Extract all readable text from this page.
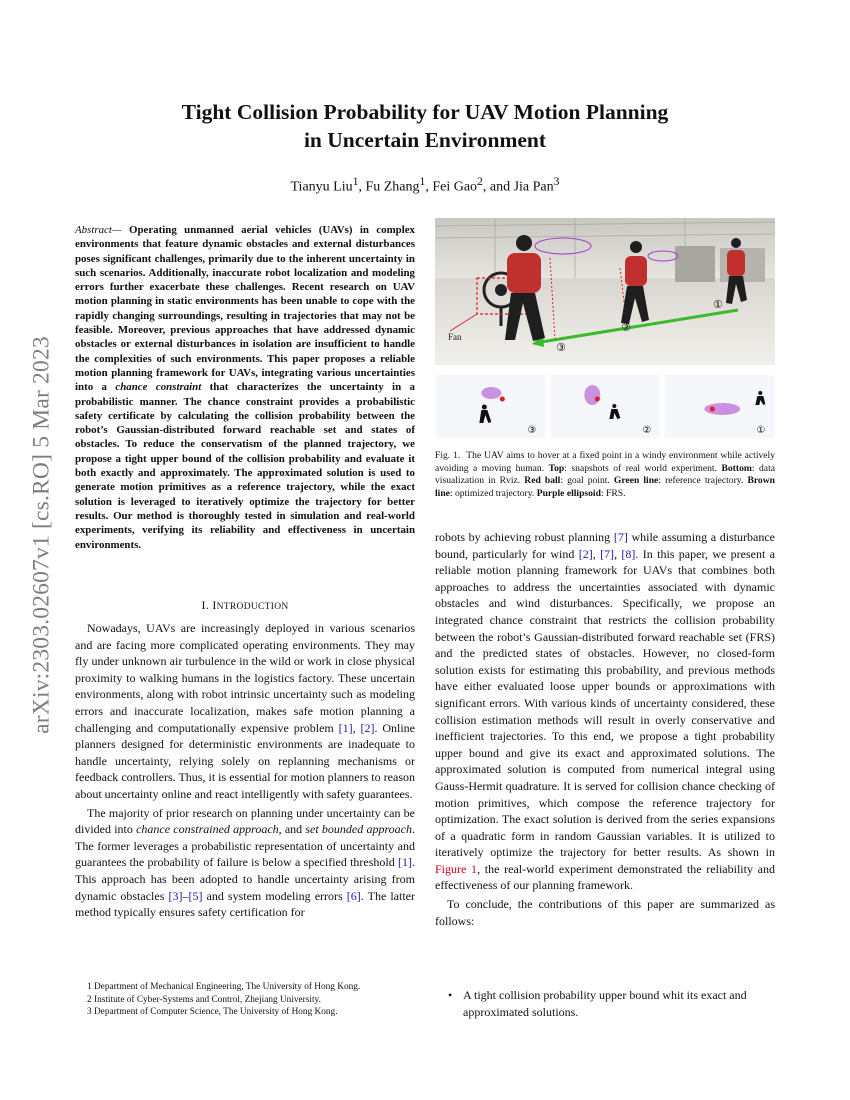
arXiv:2303.02607v1 [cs.RO] 5 Mar 2023
Tight Collision Probability for UAV Motion Planning
in Uncertain Environment
Tianyu Liu$^1$, Fu Zhang$^1$, Fei Gao$^2$, and Jia Pan$^3$
Abstract— Operating unmanned aerial vehicles (UAVs) in complex environments that feature dynamic obstacles and external disturbances poses significant challenges, primarily due to the inherent uncertainty in such scenarios. Additionally, inaccurate robot localization and modeling errors further exacerbate these challenges. Recent research on UAV motion planning in static environments has been unable to cope with the rapidly changing surroundings, resulting in trajectories that may not be feasible. Moreover, previous approaches that have addressed dynamic obstacles or external disturbances in isolation are insufficient to handle the complexities of such environments. This paper proposes a reliable motion planning framework for UAVs, integrating various uncertainties into a chance constraint that characterizes the uncertainty in a probabilistic manner. The chance constraint provides a probabilistic safety certificate by calculating the collision probability between the robot’s Gaussian-distributed forward reachable set and states of obstacles. To reduce the conservatism of the planned trajectory, we propose a tight upper bound of the collision probability and evaluate it both exactly and approximately. The approximated solution is used to generate motion primitives as a reference trajectory, while the exact solution is leveraged to iteratively optimize the trajectory for better results. Our method is thoroughly tested in simulation and real-world experiments, verifying its reliability and effectiveness in uncertain environments.
I. INTRODUCTION

Nowadays, UAVs are increasingly deployed in various scenarios and are facing more complicated operating environments. They may fly under unknown air turbulence in the wild or work in close physical proximity to walking humans in the logistics factory. These uncertain environments, along with robot intrinsic uncertainty such as modeling errors and inaccurate localization, makes safe motion planning a challenging and computationally expensive problem [1], [2]. Online planners designed for deterministic environments are inadequate to handle uncertainty, relying solely on replanning mechanisms or feedback controllers. Thus, it is essential for motion planners to reason about uncertainty online and react intelligently with safety guarantees.

The majority of prior research on planning under uncertainty can be divided into chance constrained approach, and set bounded approach. The former leverages a probabilistic representation of uncertainty and guarantees the probability of failure is below a specified threshold [1]. This approach has been adopted to handle uncertainty arising from dynamic obstacles [3]–[5] and system modeling errors [6]. The latter method typically ensures safety certification for

1 Department of Mechanical Engineering, The University of Hong Kong.
2 Institute of Cyber-Systems and Control, Zhejiang University.
3 Department of Computer Science, The University of Hong Kong.
Fan
③
②
①
③	②	①
Fig. 1. The UAV aims to hover at a fixed point in a windy environment while actively avoiding a moving human. Top: snapshots of real world experiment. Bottom: data visualization in Rviz. Red ball: goal point. Green line: reference trajectory. Brown line: optimized trajectory. Purple ellipsoid: FRS.

robots by achieving robust planning [7] while assuming a disturbance bound, particularly for wind [2], [7], [8]. In this paper, we present a reliable motion planning framework for UAVs that combines both approaches to address the uncertainties associated with dynamic obstacles and wind disturbances. Specifically, we propose an integrated chance constraint that restricts the collision probability between the robot’s Gaussian-distributed forward reachable set (FRS) and the predicted states of obstacles. However, no closed-form solution exists for estimating this probability, and previous methods have either evaluated loose upper bounds or approximations with significant errors. With various kinds of uncertainty considered, these collision estimation methods will result in overly conservative and inefficient trajectories. To this end, we propose a tight probability upper bound and give its exact and approximated solutions. The approximated solution is computed from numerical integral using Gauss-Hermit quadrature. It is served for collision chance checking of motion primitives, which compose the reference trajectory for optimization. The exact solution is derived from the series expansions of a quadratic form in random Gaussian variables. It is utilized to iteratively optimize the trajectory for better results. As shown in Figure 1, the real-world experiment demonstrated the reliability and effectiveness of our planning framework.

To conclude, the contributions of this paper are summarized as follows:

• A tight collision probability upper bound whit its exact and approximated solutions.
